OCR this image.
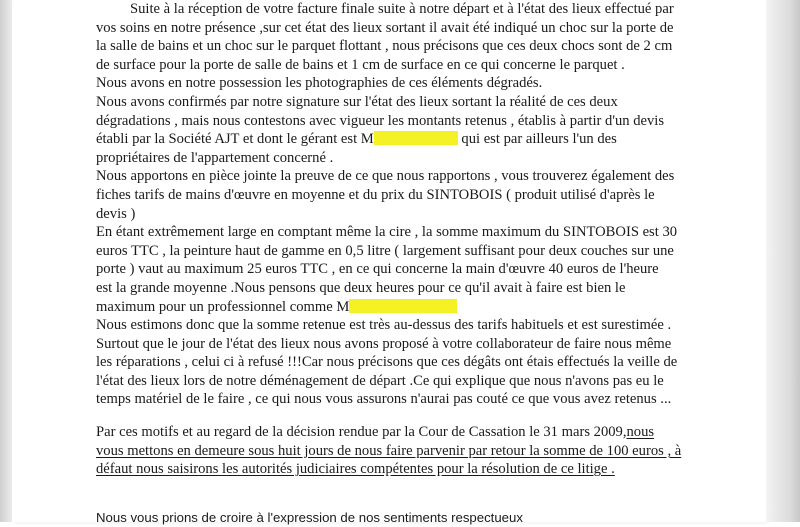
Suite à la réception de votre facture finale suite à notre départ et à l'état des lieux effectué par
vos soins en notre présence ,sur cet état des lieux sortant il avait été indiqué un choc sur la porte de
la salle de bains et un choc sur le parquet flottant , nous précisons que ces deux chocs sont de 2 cm
de surface pour la porte de salle de bains et 1 cm de surface en ce qui concerne le parquet .
Nous avons en notre possession les photographies de ces éléments dégradés.
Nous avons confirmés par notre signature sur l'état des lieux sortant la réalité de ces deux
dégradations , mais nous contestons avec vigueur les montants retenus , établis à partir d'un devis
établi par la Société AJT et dont le gérant est M	qui est par ailleurs l'un des
propriétaires de l'appartement concerné .
Nous apportons en pièce jointe la preuve de ce que nous rapportons , vous trouverez également des
fiches tarifs de mains d'œuvre en moyenne et du prix du SINTOBOIS ( produit utilisé d'après le
devis )
En étant extrêmement large en comptant même la cire , la somme maximum du SINTOBOIS est 30
euros TTC , la peinture haut de gamme en 0,5 litre ( largement suffisant pour deux couches sur une
porte ) vaut au maximum 25 euros TTC , en ce qui concerne la main d'œuvre 40 euros de l'heure
est la grande moyenne .Nous pensons que deux heures pour ce qu'il avait à faire est bien le
maximum pour un professionnel comme M
Nous estimons donc que la somme retenue est très au-dessus des tarifs habituels et est surestimée .
Surtout que le jour de l'état des lieux nous avons proposé à votre collaborateur de faire nous même
les réparations , celui ci à refusé !!!Car nous précisons que ces dégâts ont étais effectués la veille de
l'état des lieux lors de notre déménagement de départ .Ce qui explique que nous n'avons pas eu le
temps matériel de le faire , ce qui nous vous assurons n'aurai pas couté ce que vous avez retenus ...

Par ces motifs et au regard de la décision rendue par la Cour de Cassation le 31 mars 2009,nous
vous mettons en demeure sous huit jours de nous faire parvenir par retour la somme de 100 euros , à
défaut nous saisirons les autorités judiciaires compétentes pour la résolution de ce litige .

Nous vous prions de croire à l'expression de nos sentiments respectueux
